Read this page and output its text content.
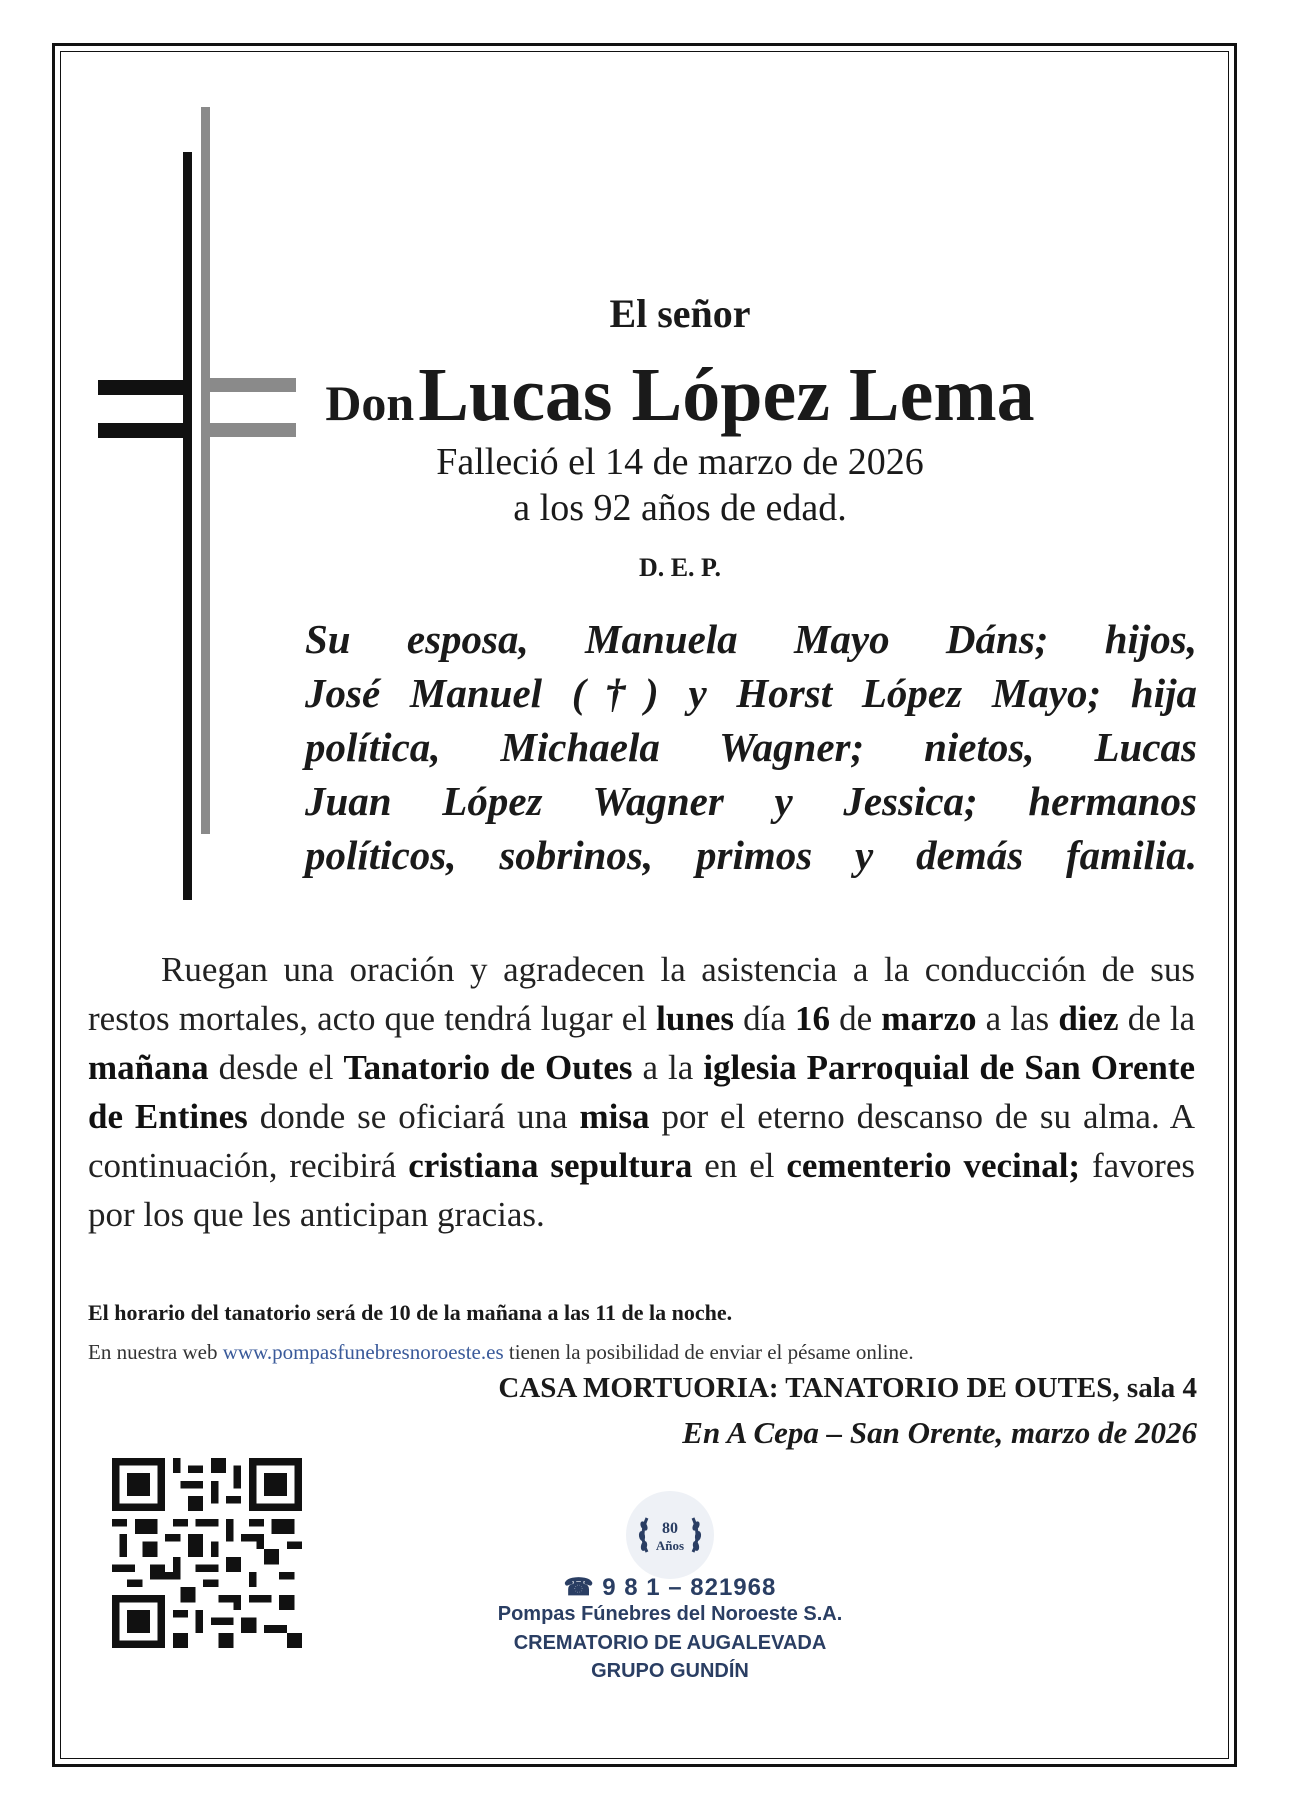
El señor
Don Lucas López Lema
Falleció el 14 de marzo de 2026
a los 92 años de edad.
D. E. P.
Su esposa, Manuela Mayo Dáns; hijos,
José Manuel (†) y Horst López Mayo; hija
política, Michaela Wagner; nietos, Lucas
Juan López Wagner y Jessica; hermanos
políticos, sobrinos, primos y demás familia.
Ruegan una oración y agradecen la asistencia a la conducción de sus restos mortales, acto que tendrá lugar el lunes día 16 de marzo a las diez de la mañana desde el Tanatorio de Outes a la iglesia Parroquial de San Orente de Entines donde se oficiará una misa por el eterno descanso de su alma. A continuación, recibirá cristiana sepultura en el cementerio vecinal; favores por los que les anticipan gracias.
El horario del tanatorio será de 10 de la mañana a las 11 de la noche.
En nuestra web www.pompasfunebresnoroeste.es tienen la posibilidad de enviar el pésame online.
CASA MORTUORIA: TANATORIO DE OUTES, sala 4
En A Cepa – San Orente, marzo de 2026
80
Años
☎ 9 8 1 – 821968
Pompas Fúnebres del Noroeste S.A.
CREMATORIO DE AUGALEVADA
GRUPO GUNDÍN
